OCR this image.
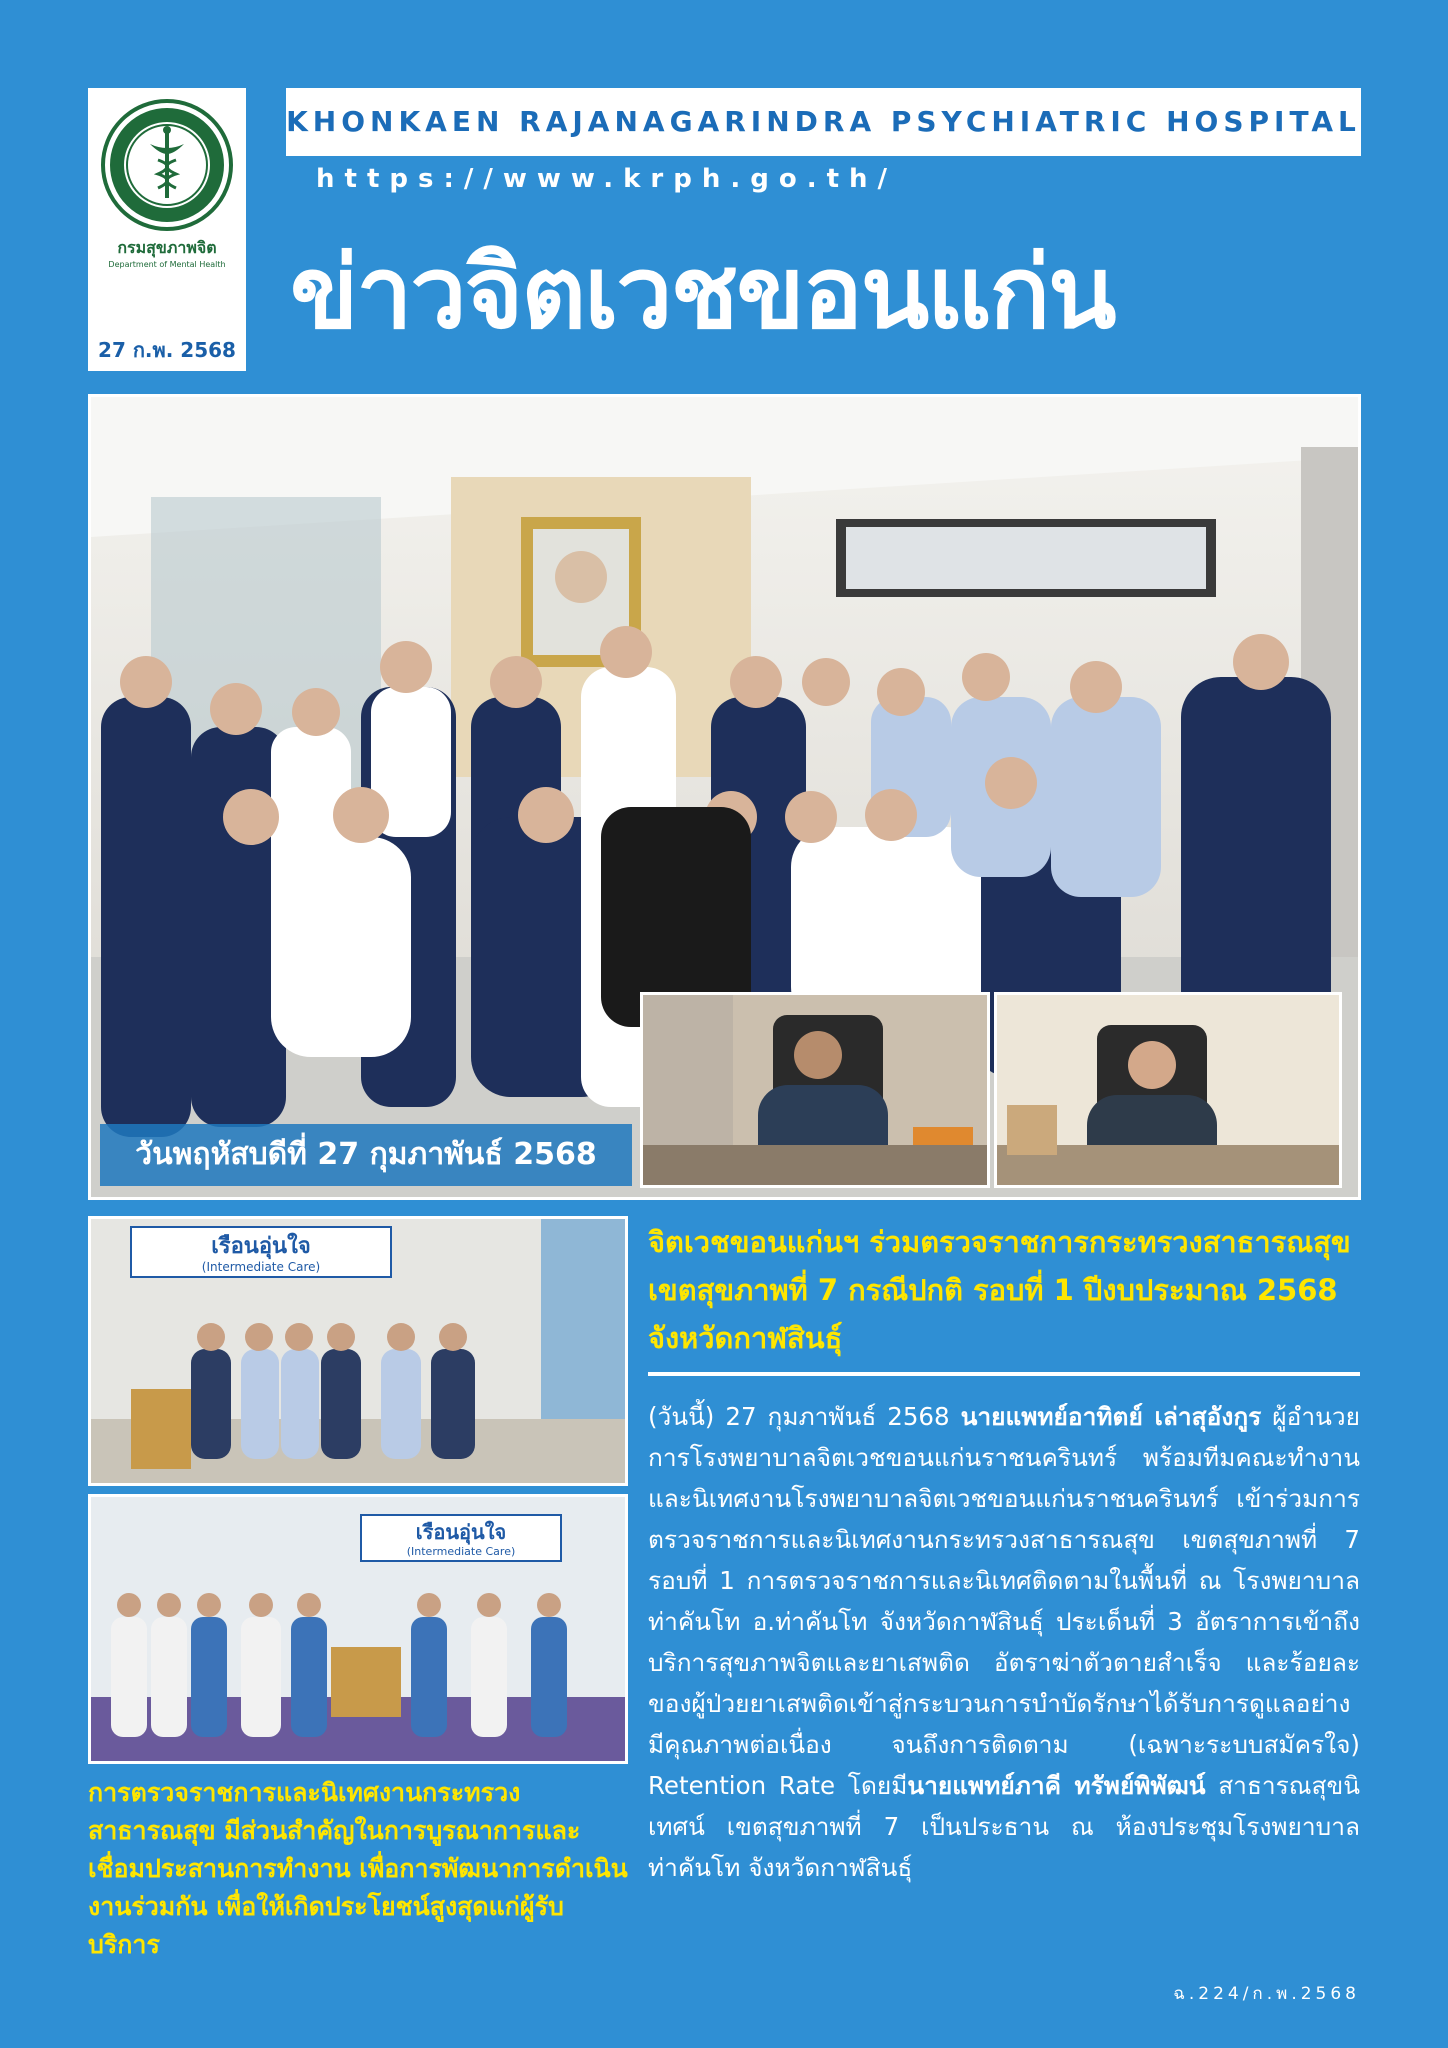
กรมสุขภาพจิต
Department of Mental Health
27 ก.พ. 2568
KHONKAEN RAJANAGARINDRA PSYCHIATRIC HOSPITAL
https://www.krph.go.th/
ข่าวจิตเวชขอนแก่น
วันพฤหัสบดีที่ 27 กุมภาพันธ์ 2568
เรือนอุ่นใจ
(Intermediate Care)
เรือนอุ่นใจ
(Intermediate Care)
จิตเวชขอนแก่นฯ ร่วมตรวจราชการกระทรวงสาธารณสุข เขตสุขภาพที่ 7 กรณีปกติ รอบที่ 1 ปีงบประมาณ 2568 จังหวัดกาฬสินธุ์
(วันนี้) 27 กุมภาพันธ์ 2568 นายแพทย์อาทิตย์ เล่าสุอังกูร ผู้อำนวยการโรงพยาบาลจิตเวชขอนแก่นราชนครินทร์ พร้อมทีมคณะทำงานและนิเทศงานโรงพยาบาลจิตเวชขอนแก่นราชนครินทร์ เข้าร่วมการตรวจราชการและนิเทศงานกระทรวงสาธารณสุข เขตสุขภาพที่ 7 รอบที่ 1 การตรวจราชการและนิเทศติดตามในพื้นที่ ณ โรงพยาบาลท่าคันโท อ.ท่าคันโท จังหวัดกาฬสินธุ์ ประเด็นที่ 3 อัตราการเข้าถึงบริการสุขภาพจิตและยาเสพติด อัตราฆ่าตัวตายสำเร็จ และร้อยละของผู้ป่วยยาเสพติดเข้าสู่กระบวนการบำบัดรักษาได้รับการดูแลอย่างมีคุณภาพต่อเนื่อง จนถึงการติดตาม (เฉพาะระบบสมัครใจ) Retention Rate โดยมีนายแพทย์ภาคี ทรัพย์พิพัฒน์ สาธารณสุขนิเทศน์ เขตสุขภาพที่ 7 เป็นประธาน ณ ห้องประชุมโรงพยาบาลท่าคันโท จังหวัดกาฬสินธุ์
การตรวจราชการและนิเทศงานกระทรวงสาธารณสุข มีส่วนสำคัญในการบูรณาการและเชื่อมประสานการทำงาน เพื่อการพัฒนาการดำเนินงานร่วมกัน เพื่อให้เกิดประโยชน์สูงสุดแก่ผู้รับบริการ
ฉ.224/ก.พ.2568
